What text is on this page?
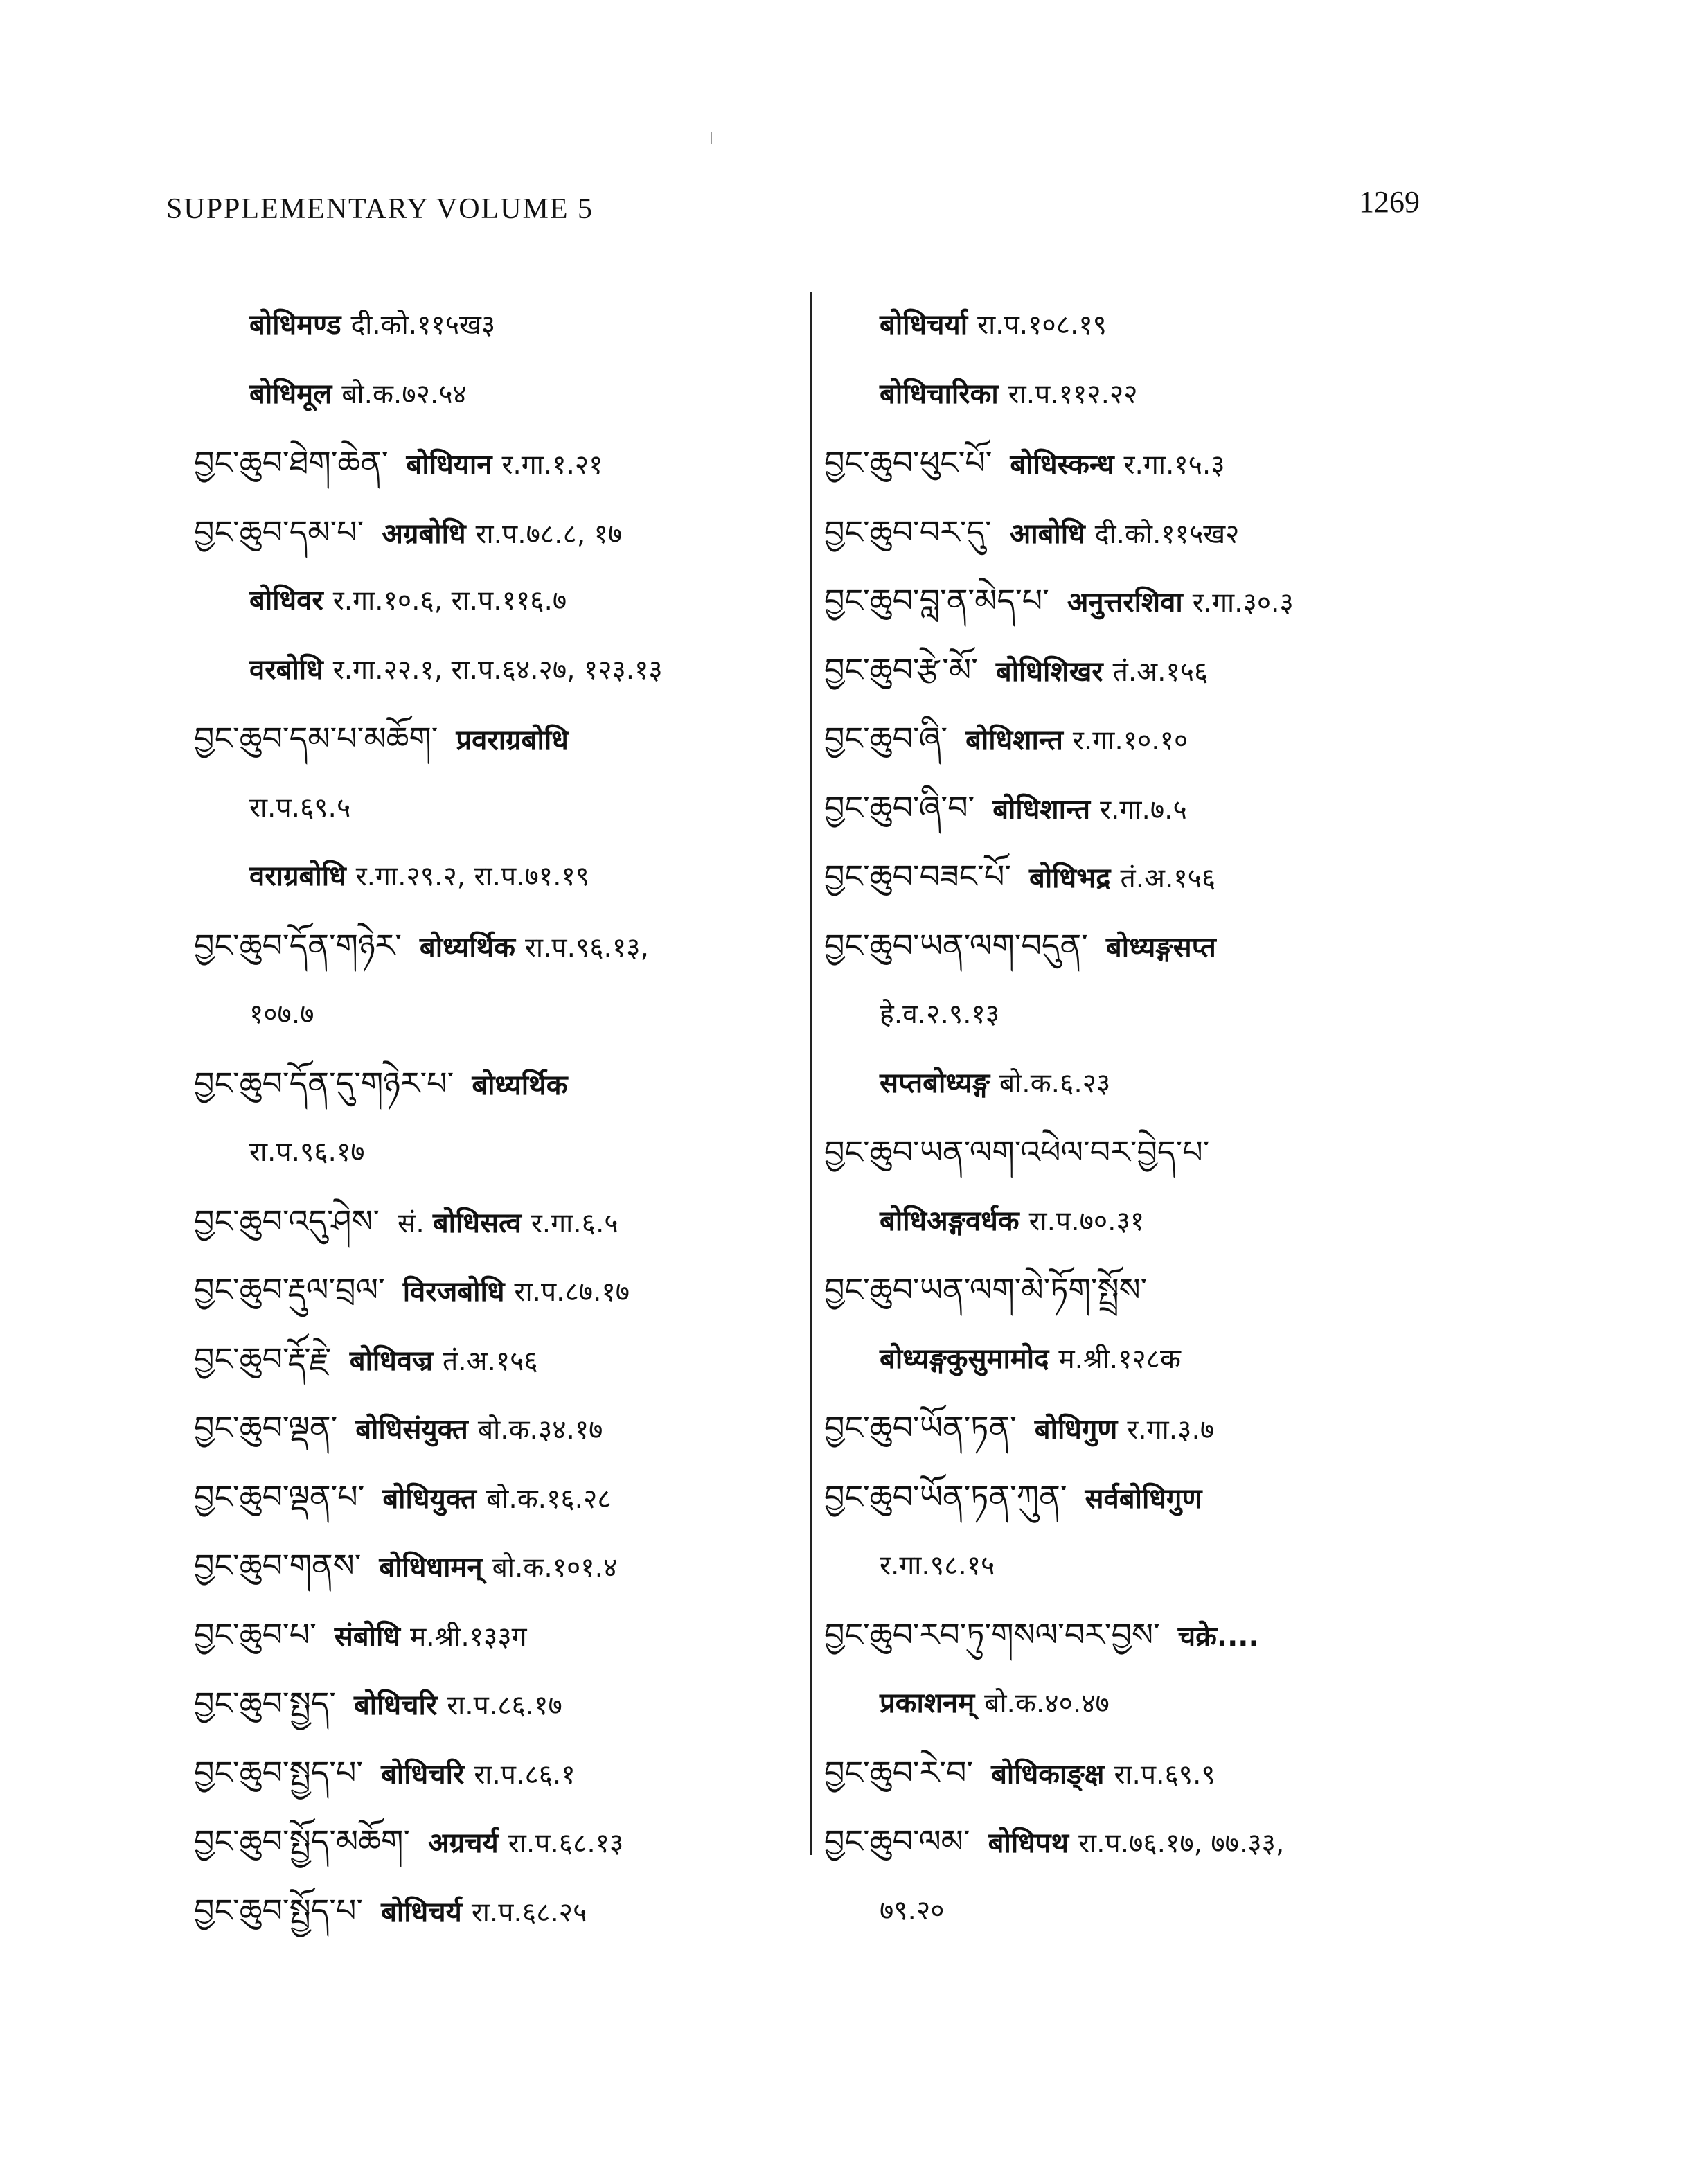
SUPPLEMENTARY VOLUME 5	1269
बोधिमण्ड दी.को.११५ख३
बोधिमूल बो.क.७२.५४
བྱང་ཆུབ་ཐེག་ཆེན་ बोधियान र.गा.१.२१
བྱང་ཆུབ་དམ་པ་ अग्रबोधि रा.प.७८.८, १७
बोधिवर र.गा.१०.६, रा.प.११६.७
वरबोधि र.गा.२२.१, रा.प.६४.२७, १२३.१३
བྱང་ཆུབ་དམ་པ་མཆོག་ प्रवराग्रबोधि
रा.प.६९.५
वराग्रबोधि र.गा.२९.२, रा.प.७१.१९
བྱང་ཆུབ་དོན་གཉེར་ बोध्यर्थिक रा.प.९६.१३,
१०७.७
བྱང་ཆུབ་དོན་དུ་གཉེར་པ་ बोध्यर्थिक
रा.प.९६.१७
བྱང་ཆུབ་འདུ་ཤེས་ सं. बोधिसत्व र.गा.६.५
བྱང་ཆུབ་རྡུལ་བྲལ་ विरजबोधि रा.प.८७.१७
བྱང་ཆུབ་རྡོ་རྗེ་ बोधिवज्र तं.अ.१५६
བྱང་ཆུབ་ལྡན་ बोधिसंयुक्त बो.क.३४.१७
བྱང་ཆུབ་ལྡན་པ་ बोधियुक्त बो.क.१६.२८
བྱང་ཆུབ་གནས་ बोधिधामन् बो.क.१०१.४
བྱང་ཆུབ་པ་ संबोधि म.श्री.१३३ग
བྱང་ཆུབ་སྤྱད་ बोधिचरि रा.प.८६.१७
བྱང་ཆུབ་སྤྱད་པ་ बोधिचरि रा.प.८६.१
བྱང་ཆུབ་སྤྱོད་མཆོག་ अग्रचर्य रा.प.६८.१३
བྱང་ཆུབ་སྤྱོད་པ་ बोधिचर्य रा.प.६८.२५
बोधिचर्या रा.प.१०८.१९
बोधिचारिका रा.प.११२.२२
བྱང་ཆུབ་ཕུང་པོ་ बोधिस्कन्ध र.गा.१५.३
བྱང་ཆུབ་བར་དུ་ आबोधि दी.को.११५ख२
བྱང་ཆུབ་བླ་ན་མེད་པ་ अनुत्तरशिवा र.गा.३०.३
བྱང་ཆུབ་རྩེ་མོ་ बोधिशिखर तं.अ.१५६
བྱང་ཆུབ་ཞི་ बोधिशान्त र.गा.१०.१०
བྱང་ཆུབ་ཞི་བ་ बोधिशान्त र.गा.७.५
བྱང་ཆུབ་བཟང་པོ་ बोधिभद्र तं.अ.१५६
བྱང་ཆུབ་ཡན་ལག་བདུན་ बोध्यङ्गसप्त
हे.व.२.९.१३
सप्तबोध्यङ्ग बो.क.६.२३
བྱང་ཆུབ་ཡན་ལག་འཕེལ་བར་བྱེད་པ་
बोधिअङ्गवर्धक रा.प.७०.३१
བྱང་ཆུབ་ཡན་ལག་མེ་ཏོག་སྤྲོས་
बोध्यङ्गकुसुमामोद म.श्री.१२८क
བྱང་ཆུབ་ཡོན་ཏན་ बोधिगुण र.गा.३.७
བྱང་ཆུབ་ཡོན་ཏན་ཀུན་ सर्वबोधिगुण
र.गा.९८.१५
བྱང་ཆུབ་རབ་ཏུ་གསལ་བར་བྱས་ चक्रे....
प्रकाशनम् बो.क.४०.४७
བྱང་ཆུབ་རེ་བ་ बोधिकाङ्क्ष रा.प.६९.९
བྱང་ཆུབ་ལམ་ बोधिपथ रा.प.७६.१७, ७७.३३,
७९.२०
